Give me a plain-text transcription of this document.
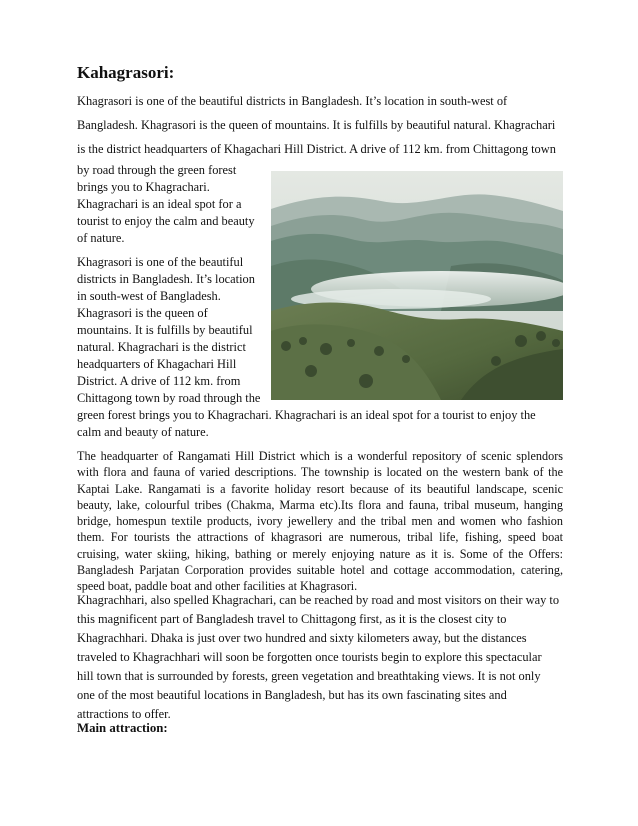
Kahagrasori:
Khagrasori is one of the beautiful districts in Bangladesh. It’s location in south-west of
Bangladesh. Khagrasori is the queen of mountains. It is fulfills by beautiful natural. Khagrachari
is the district headquarters of Khagachari Hill District. A drive of 112 km. from Chittagong town
by road through the green forest
brings you to Khagrachari.
Khagrachari is an ideal spot for a
tourist to enjoy the calm and beauty
of nature.
Khagrasori is one of the beautiful
districts in Bangladesh. It’s location
in south-west of Bangladesh.
Khagrasori is the queen of
mountains. It is fulfills by beautiful
natural. Khagrachari is the district
headquarters of Khagachari Hill
District. A drive of 112 km. from
Chittagong town by road through the
green forest brings you to Khagrachari. Khagrachari is an ideal spot for a tourist to enjoy the
calm and beauty of nature.

The headquarter of Rangamati Hill District which is a wonderful repository of scenic splendors with flora and fauna of varied descriptions. The township is located on the western bank of the Kaptai Lake. Rangamati is a favorite holiday resort because of its beautiful landscape, scenic beauty, lake, colourful tribes (Chakma, Marma etc).Its flora and fauna, tribal museum, hanging bridge, homespun textile products, ivory jewellery and the tribal men and women who fashion them. For tourists the attractions of khagrasori are numerous, tribal life, fishing, speed boat cruising, water skiing, hiking, bathing or merely enjoying nature as it is. Some of the Offers: Bangladesh Parjatan Corporation provides suitable hotel and cottage accommodation, catering, speed boat, paddle boat and other facilities at Khagrasori.

Khagrachhari, also spelled Khagrachari, can be reached by road and most visitors on their way to
this magnificent part of Bangladesh travel to Chittagong first, as it is the closest city to
Khagrachhari. Dhaka is just over two hundred and sixty kilometers away, but the distances
traveled to Khagrachhari will soon be forgotten once tourists begin to explore this spectacular
hill town that is surrounded by forests, green vegetation and breathtaking views. It is not only
one of the most beautiful locations in Bangladesh, but has its own fascinating sites and
attractions to offer.
Main attraction:
